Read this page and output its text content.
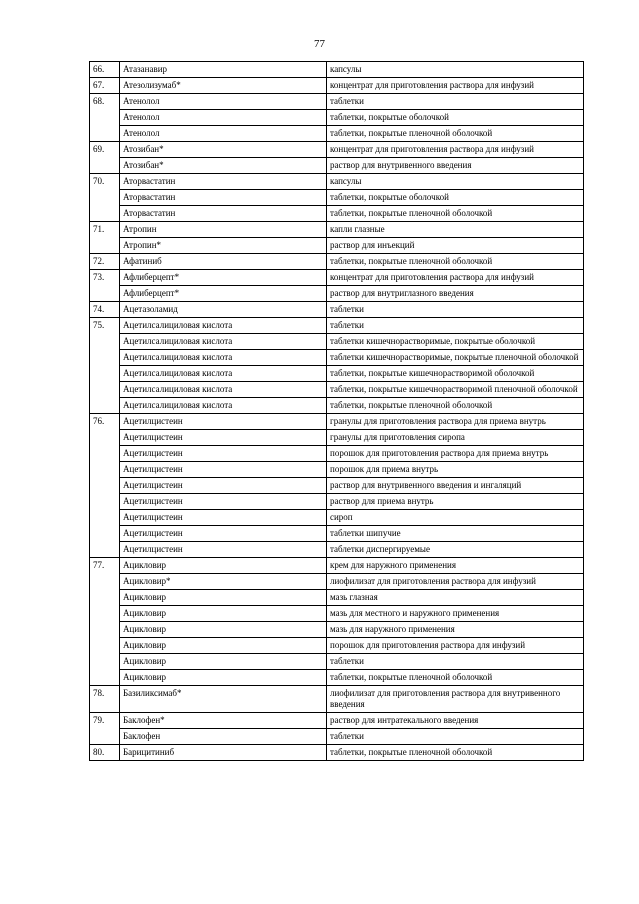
77
66.	Атазанавир	капсулы
67.	Атезолизумаб*	концентрат для приготовления раствора для инфузий
68.	Атенолол	таблетки
	Атенолол	таблетки, покрытые оболочкой
	Атенолол	таблетки, покрытые пленочной оболочкой
69.	Атозибан*	концентрат для приготовления раствора для инфузий
	Атозибан*	раствор для внутривенного введения
70.	Аторвастатин	капсулы
	Аторвастатин	таблетки, покрытые оболочкой
	Аторвастатин	таблетки, покрытые пленочной оболочкой
71.	Атропин	капли глазные
	Атропин*	раствор для инъекций
72.	Афатиниб	таблетки, покрытые пленочной оболочкой
73.	Афлиберцепт*	концентрат для приготовления раствора для инфузий
	Афлиберцепт*	раствор для внутриглазного введения
74.	Ацетазоламид	таблетки
75.	Ацетилсалициловая кислота	таблетки
	Ацетилсалициловая кислота	таблетки кишечнорастворимые, покрытые оболочкой
	Ацетилсалициловая кислота	таблетки кишечнорастворимые, покрытые пленочной оболочкой
	Ацетилсалициловая кислота	таблетки, покрытые кишечнорастворимой оболочкой
	Ацетилсалициловая кислота	таблетки, покрытые кишечнорастворимой пленочной оболочкой
	Ацетилсалициловая кислота	таблетки, покрытые пленочной оболочкой
76.	Ацетилцистеин	гранулы для приготовления раствора для приема внутрь
	Ацетилцистеин	гранулы для приготовления сиропа
	Ацетилцистеин	порошок для приготовления раствора для приема внутрь
	Ацетилцистеин	порошок для приема внутрь
	Ацетилцистеин	раствор для внутривенного введения и ингаляций
	Ацетилцистеин	раствор для приема внутрь
	Ацетилцистеин	сироп
	Ацетилцистеин	таблетки шипучие
	Ацетилцистеин	таблетки диспергируемые
77.	Ацикловир	крем для наружного применения
	Ацикловир*	лиофилизат для приготовления раствора для инфузий
	Ацикловир	мазь глазная
	Ацикловир	мазь для местного и наружного применения
	Ацикловир	мазь для наружного применения
	Ацикловир	порошок для приготовления раствора для инфузий
	Ацикловир	таблетки
	Ацикловир	таблетки, покрытые пленочной оболочкой
78.	Базиликсимаб*	лиофилизат для приготовления раствора для внутривенного введения
79.	Баклофен*	раствор для интратекального введения
	Баклофен	таблетки
80.	Барицитиниб	таблетки, покрытые пленочной оболочкой
